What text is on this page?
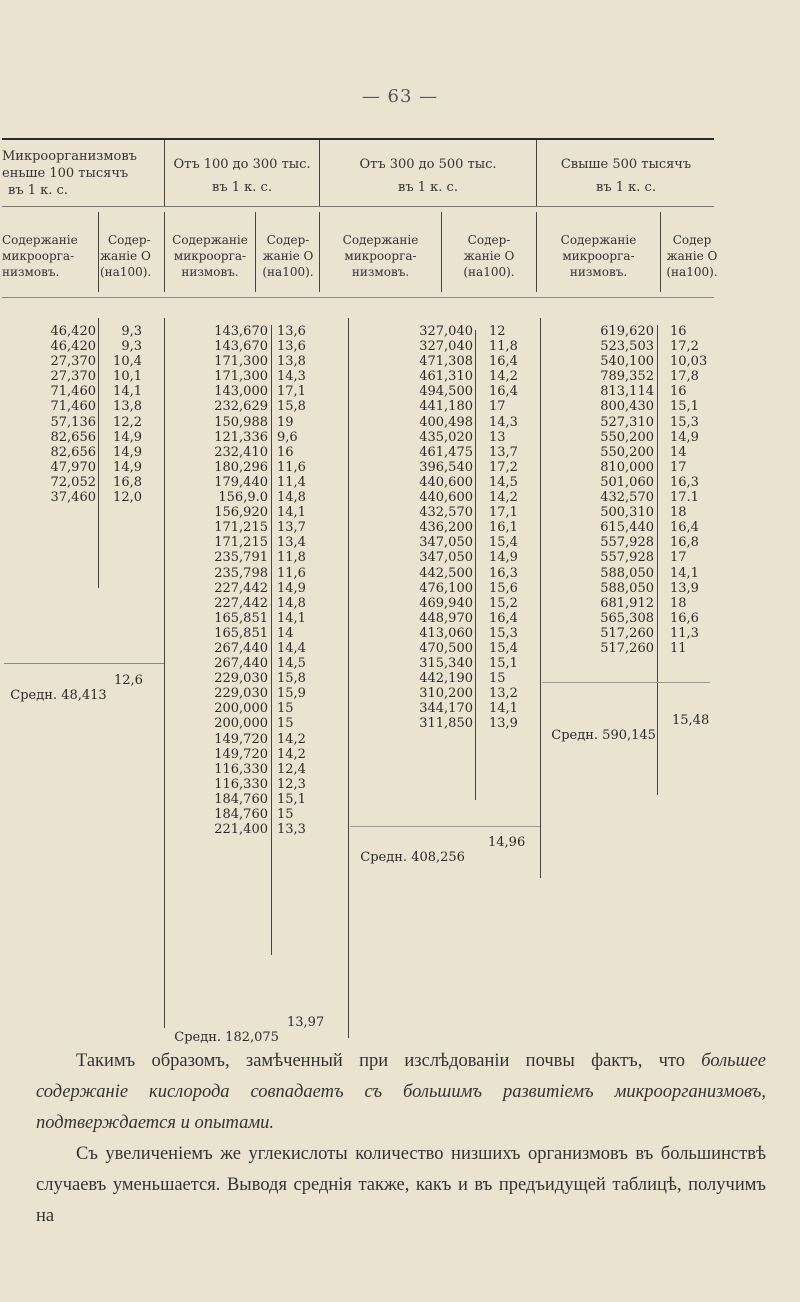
— 63 —
Микроорганизмовъ
еньше 100 тысячъ
въ 1 к. с.
Отъ 100 до 300 тыс.
въ 1 к. с.
Отъ 300 до 500 тыс.
въ 1 к. с.
Свыше 500 тысячъ
въ 1 к. с.
Содержаніе
микроорга-
низмовъ.
Содер-
жаніе О
(на100).
Содержаніе
микроорга-
низмовъ.
Содер-
жаніе О
(на100).
Содержаніе
микроорга-
низмовъ.
Содер-
жаніе О
(на100).
Содержаніе
микроорга-
низмовъ.
Содер
жаніе О
(на100).
46,420
46,420
27,370
27,370
71,460
71,460
57,136
82,656
82,656
47,970
72,052
37,460
9,3
9,3
10,4
10,1
14,1
13,8
12,2
14,9
14,9
14,9
16,8
12,0
143,670
143,670
171,300
171,300
143,000
232,629
150,988
121,336
232,410
180,296
179,440
156,9.0
156,920
171,215
171,215
235,791
235,798
227,442
227,442
165,851
165,851
267,440
267,440
229,030
229,030
200,000
200,000
149,720
149,720
116,330
116,330
184,760
184,760
221,400
13,6
13,6
13,8
14,3
17,1
15,8
19
9,6
16
11,6
11,4
14,8
14,1
13,7
13,4
11,8
11,6
14,9
14,8
14,1
14
14,4
14,5
15,8
15,9
15
15
14,2
14,2
12,4
12,3
15,1
15
13,3
327,040
327,040
471,308
461,310
494,500
441,180
400,498
435,020
461,475
396,540
440,600
440,600
432,570
436,200
347,050
347,050
442,500
476,100
469,940
448,970
413,060
470,500
315,340
442,190
310,200
344,170
311,850
12
11,8
16,4
14,2
16,4
17
14,3
13
13,7
17,2
14,5
14,2
17,1
16,1
15,4
14,9
16,3
15,6
15,2
16,4
15,3
15,4
15,1
15
13,2
14,1
13,9
619,620
523,503
540,100
789,352
813,114
800,430
527,310
550,200
550,200
810,000
501,060
432,570
500,310
615,440
557,928
557,928
588,050
588,050
681,912
565,308
517,260
517,260
16
17,2
10,03
17,8
16
15,1
15,3
14,9
14
17
16,3
17.1
18
16,4
16,8
17
14,1
13,9
18
16,6
11,3
11

Средн. 48,413

12,6

Средн. 182,075

13,97

Средн. 408,256

14,96

Средн. 590,145

15,48

Такимъ образомъ, замѣченный при изслѣдованіи почвы фактъ, что большее содержаніе кислорода совпадаетъ съ большимъ развитіемъ микроорганизмовъ, подтверждается и опытами.

Съ увеличеніемъ же углекислоты количество низшихъ организмовъ въ большинствѣ случаевъ уменьшается. Выводя среднія также, какъ и въ предъидущей таблицѣ, получимъ на
